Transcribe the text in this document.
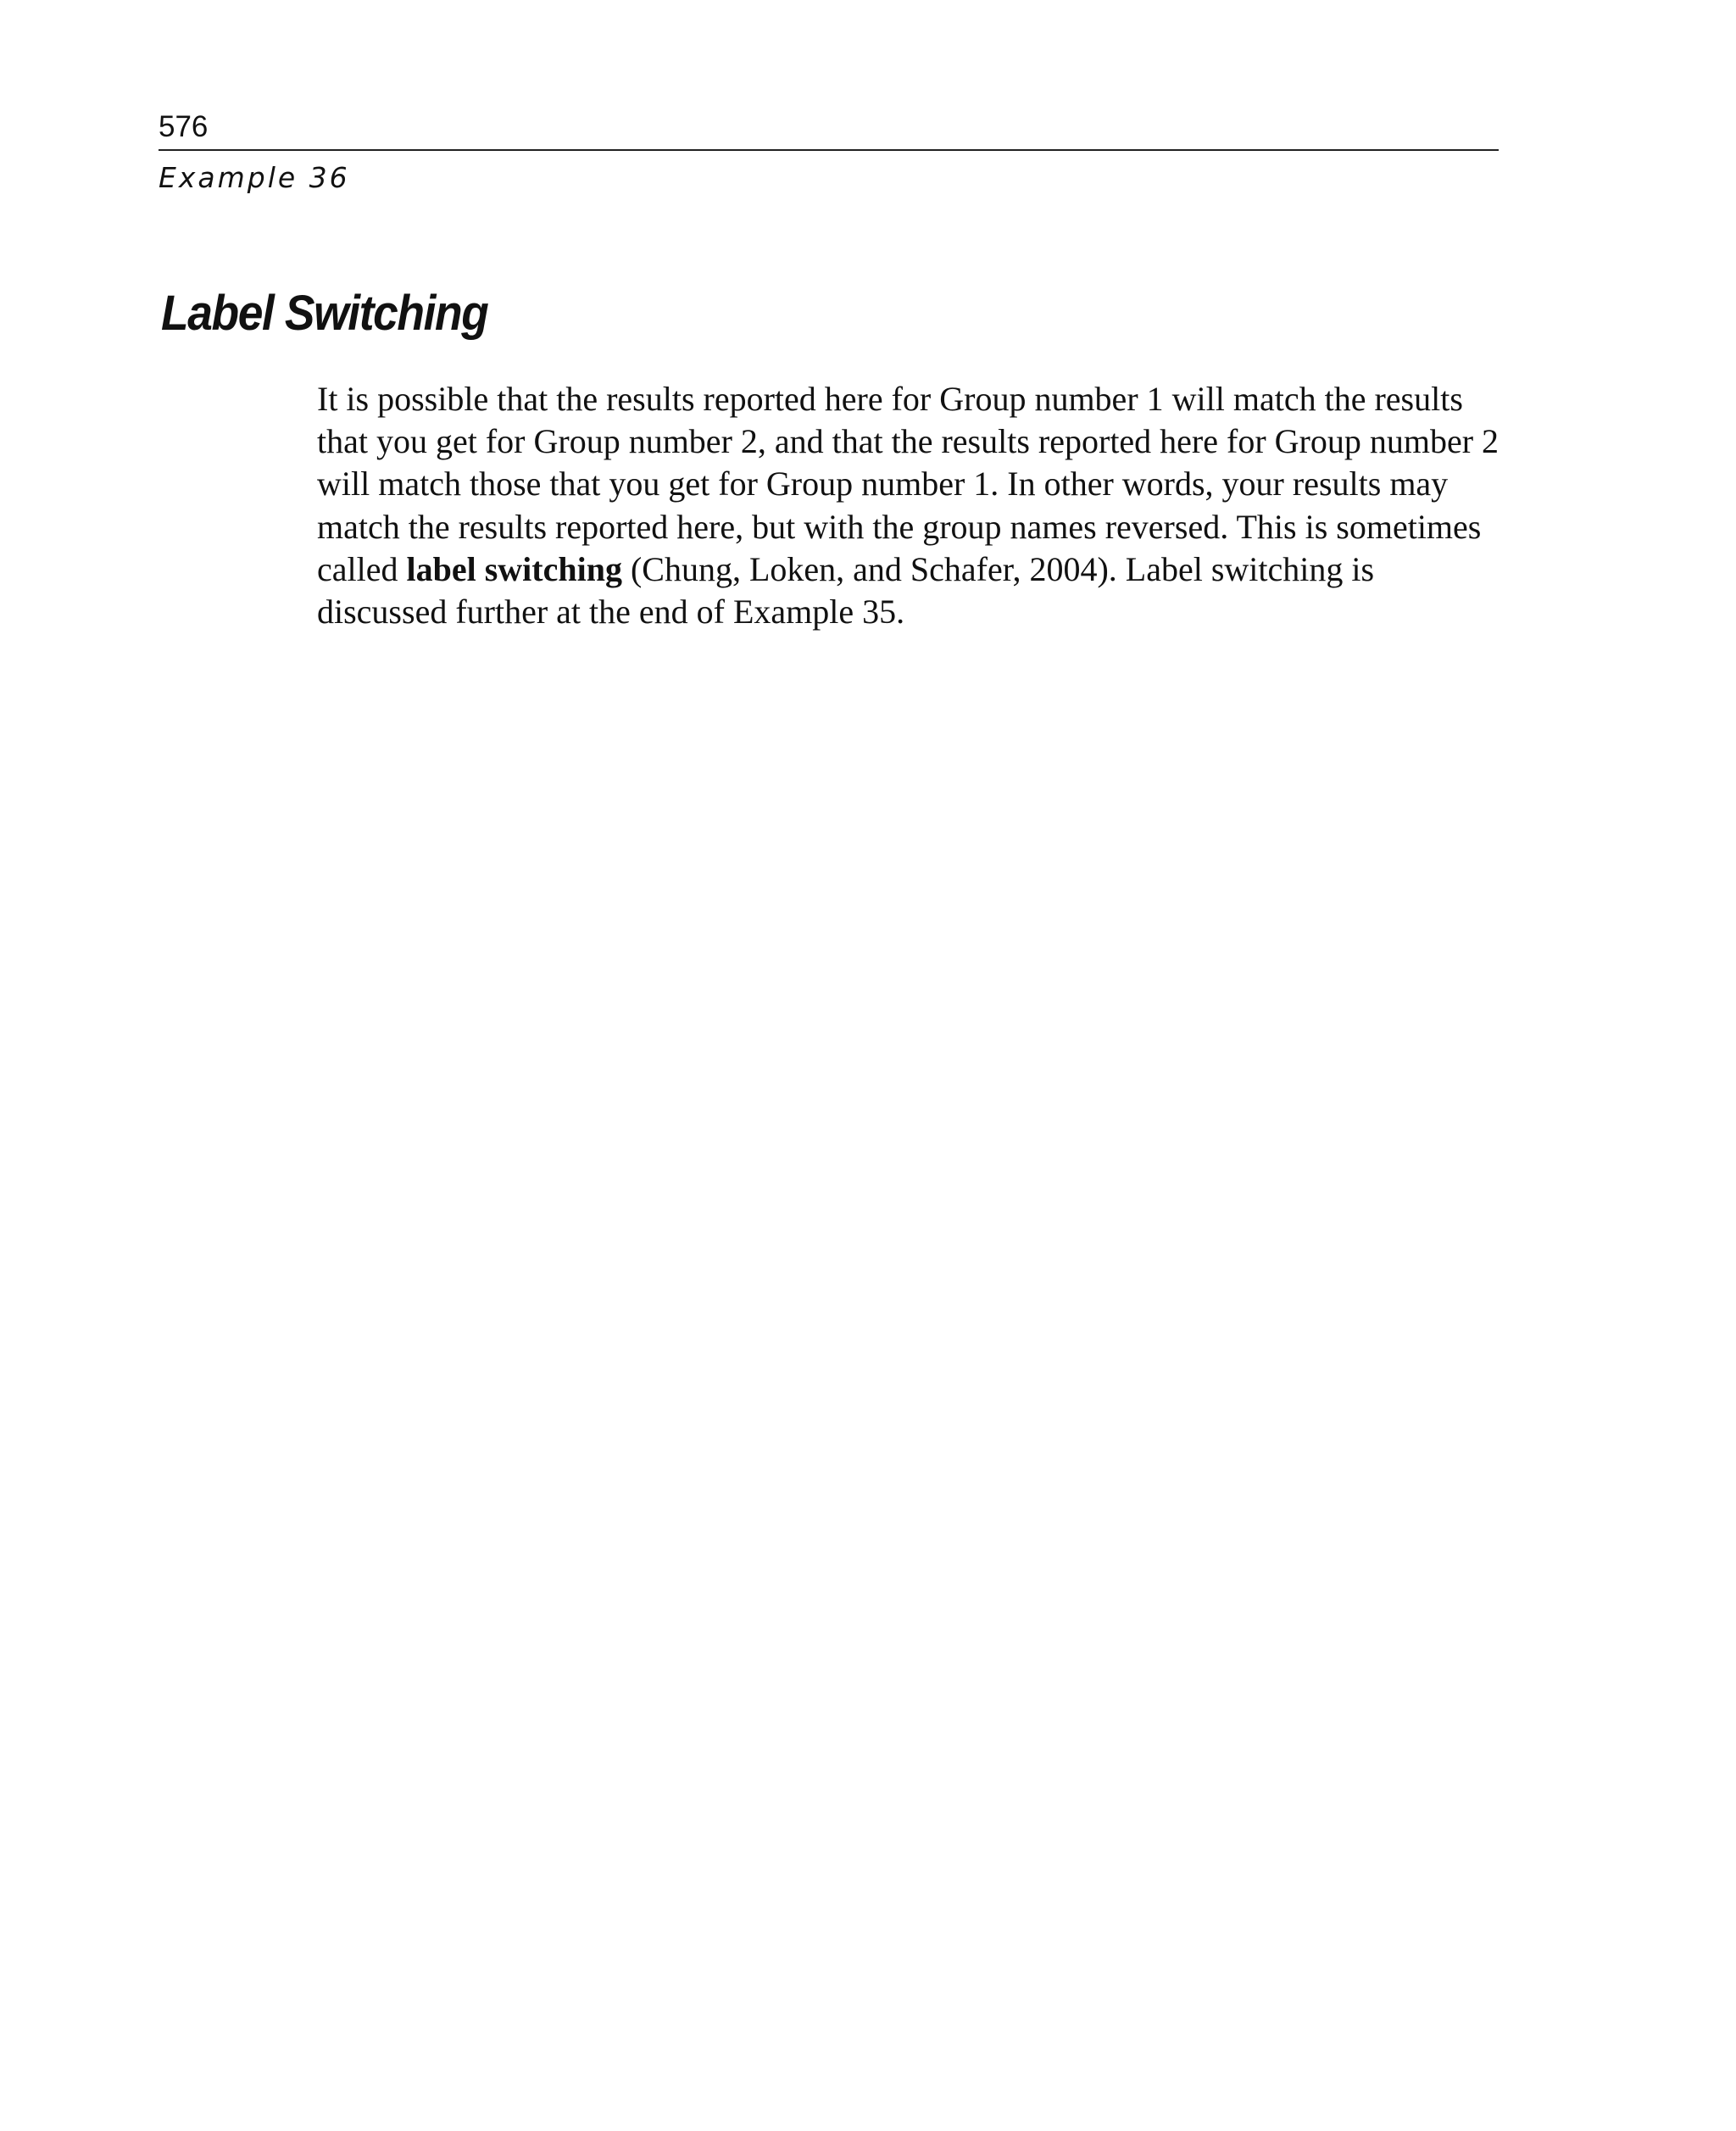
576
Example 36
Label Switching

It is possible that the results reported here for Group number 1 will match the results that you get for Group number 2, and that the results reported here for Group number 2 will match those that you get for Group number 1. In other words, your results may match the results reported here, but with the group names reversed. This is sometimes called label switching (Chung, Loken, and Schafer, 2004). Label switching is discussed further at the end of Example 35.
